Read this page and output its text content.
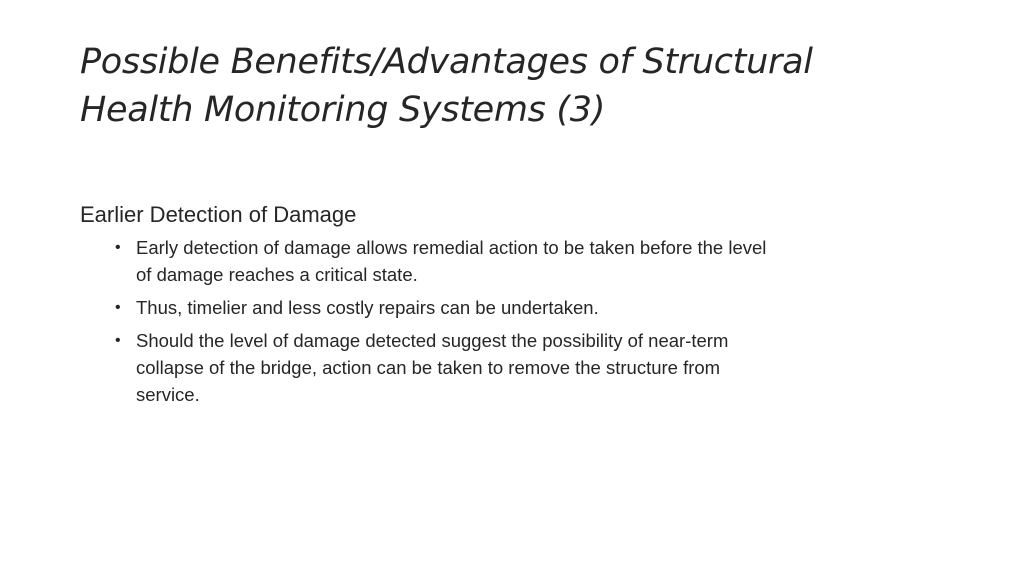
Possible Benefits/Advantages of Structural
Health Monitoring Systems (3)

Earlier Detection of Damage

• Early detection of damage allows remedial action to be taken before the level
of damage reaches a critical state.
• Thus, timelier and less costly repairs can be undertaken.
• Should the level of damage detected suggest the possibility of near-term
collapse of the bridge, action can be taken to remove the structure from
service.
